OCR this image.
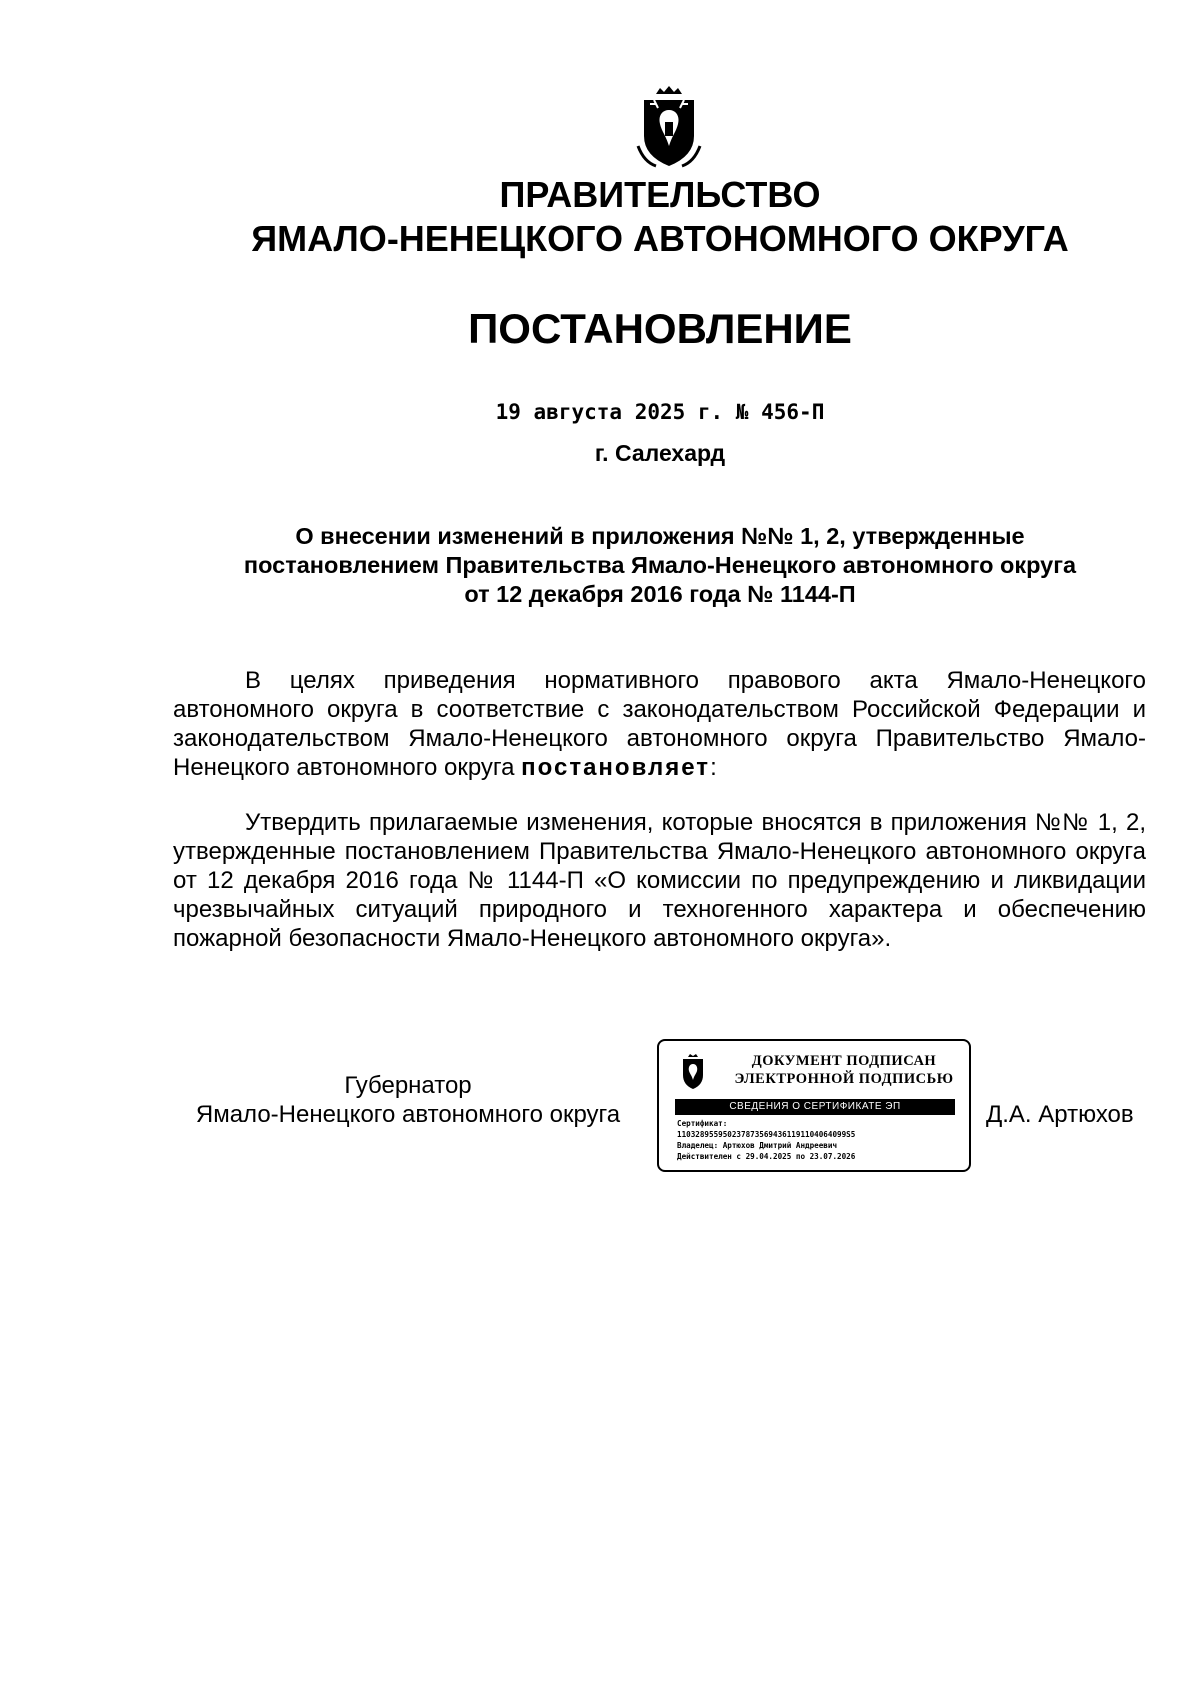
ПРАВИТЕЛЬСТВО
ЯМАЛО-НЕНЕЦКОГО АВТОНОМНОГО ОКРУГА
ПОСТАНОВЛЕНИЕ
19 августа 2025 г. № 456-П
г. Салехард
О внесении изменений в приложения №№ 1, 2, утвержденные
постановлением Правительства Ямало-Ненецкого автономного округа
от 12 декабря 2016 года № 1144-П
В целях приведения нормативного правового акта Ямало-Ненецкого автономного округа в соответствие с законодательством Российской Федерации и законодательством Ямало-Ненецкого автономного округа Правительство Ямало-Ненецкого автономного округа постановляет:
Утвердить прилагаемые изменения, которые вносятся в приложения №№ 1, 2, утвержденные постановлением Правительства Ямало-Ненецкого автономного округа от 12 декабря 2016 года № 1144-П «О комиссии по предупреждению и ликвидации чрезвычайных ситуаций природного и техногенного характера и обеспечению пожарной безопасности Ямало-Ненецкого автономного округа».
Губернатор
Ямало-Ненецкого автономного округа
ДОКУМЕНТ ПОДПИСАН
ЭЛЕКТРОННОЙ ПОДПИСЬЮ
СВЕДЕНИЯ О СЕРТИФИКАТЕ ЭП
Сертификат:
1103289559502378735694361191104064099S5
Владелец: Артюхов Дмитрий Андреевич
Действителен с 29.04.2025 по 23.07.2026
Д.А. Артюхов
